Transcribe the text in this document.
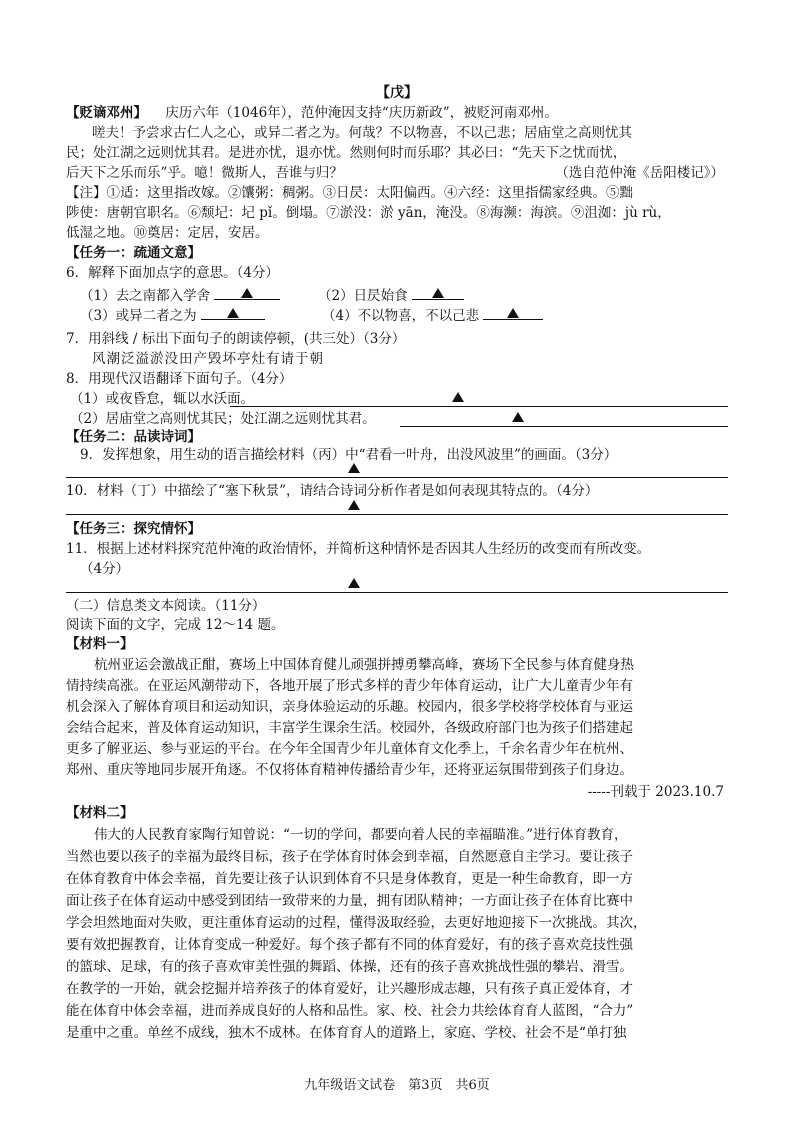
【戊】
【贬谪邓州】 庆历六年（1046年），范仲淹因支持“庆历新政”，被贬河南邓州。
嗟夫！予尝求古仁人之心，或异二者之为。何哉？不以物喜，不以己悲；居庙堂之高则忧其
民；处江湖之远则忧其君。是进亦忧，退亦忧。然则何时而乐耶？其必曰：“先天下之忧而忧，
后天下之乐而乐”乎。噫！微斯人，吾谁与归？	（选自范仲淹《岳阳楼记》）
【注】①适：这里指改嫁。②馕粥：稠粥。③日昃：太阳偏西。④六经：这里指儒家经典。⑤黜
陟使：唐朝官职名。⑥颓圮：圮 pǐ。倒塌。⑦淤没：淤 yān，淹没。⑧海濒：海滨。⑨沮洳：jù rù，
低湿之地。⑩奠居：定居，安居。
【任务一：疏通文意】
6．解释下面加点字的意思。（4分）
（1）去之南都入学舍	（2）日昃始食
（3）或异二者之为	（4）不以物喜，不以己悲
7．用斜线 / 标出下面句子的朗读停顿，(共三处）（3分）
风潮泛溢淤没田产毁坏亭灶有请于朝
8．用现代汉语翻译下面句子。（4分）
（1）或夜昏怠，辄以水沃面。
（2）居庙堂之高则忧其民；处江湖之远则忧其君。
【任务二：品读诗词】
9．发挥想象，用生动的语言描绘材料（丙）中“君看一叶舟，出没风波里”的画面。（3分）
10．材料（丁）中描绘了“塞下秋景”，请结合诗词分析作者是如何表现其特点的。（4分）
【任务三：探究情怀】
11．根据上述材料探究范仲淹的政治情怀，并简析这种情怀是否因其人生经历的改变而有所改变。
（4分）
（二）信息类文本阅读。（11分）
阅读下面的文字，完成 12～14 题。
【材料一】
杭州亚运会激战正酣，赛场上中国体育健儿顽强拼搏勇攀高峰，赛场下全民参与体育健身热
情持续高涨。在亚运风潮带动下，各地开展了形式多样的青少年体育运动，让广大儿童青少年有
机会深入了解体育项目和运动知识，亲身体验运动的乐趣。校园内，很多学校将学校体育与亚运
会结合起来，普及体育运动知识，丰富学生课余生活。校园外，各级政府部门也为孩子们搭建起
更多了解亚运、参与亚运的平台。在今年全国青少年儿童体育文化季上，千余名青少年在杭州、
郑州、重庆等地同步展开角逐。不仅将体育精神传播给青少年，还将亚运氛围带到孩子们身边。
-----刊载于 2023.10.7
【材料二】
伟大的人民教育家陶行知曾说：“一切的学问，都要向着人民的幸福瞄准。”进行体育教育，
当然也要以孩子的幸福为最终目标，孩子在学体育时体会到幸福，自然愿意自主学习。要让孩子
在体育教育中体会幸福，首先要让孩子认识到体育不只是身体教育，更是一种生命教育，即一方
面让孩子在体育运动中感受到团结一致带来的力量，拥有团队精神；一方面让孩子在体育比赛中
学会坦然地面对失败，更注重体育运动的过程，懂得汲取经验，去更好地迎接下一次挑战。其次，
要有效把握教育，让体育变成一种爱好。每个孩子都有不同的体育爱好，有的孩子喜欢竞技性强
的篮球、足球，有的孩子喜欢审美性强的舞蹈、体操，还有的孩子喜欢挑战性强的攀岩、滑雪。
在教学的一开始，就会挖掘并培养孩子的体育爱好，让兴趣形成志趣，只有孩子真正爱体育，才
能在体育中体会幸福，进而养成良好的人格和品性。家、校、社会力共绘体育育人蓝图，“合力”
是重中之重。单丝不成线，独木不成林。在体育育人的道路上，家庭、学校、社会不是“单打独
九年级语文试卷　第3页　共6页
